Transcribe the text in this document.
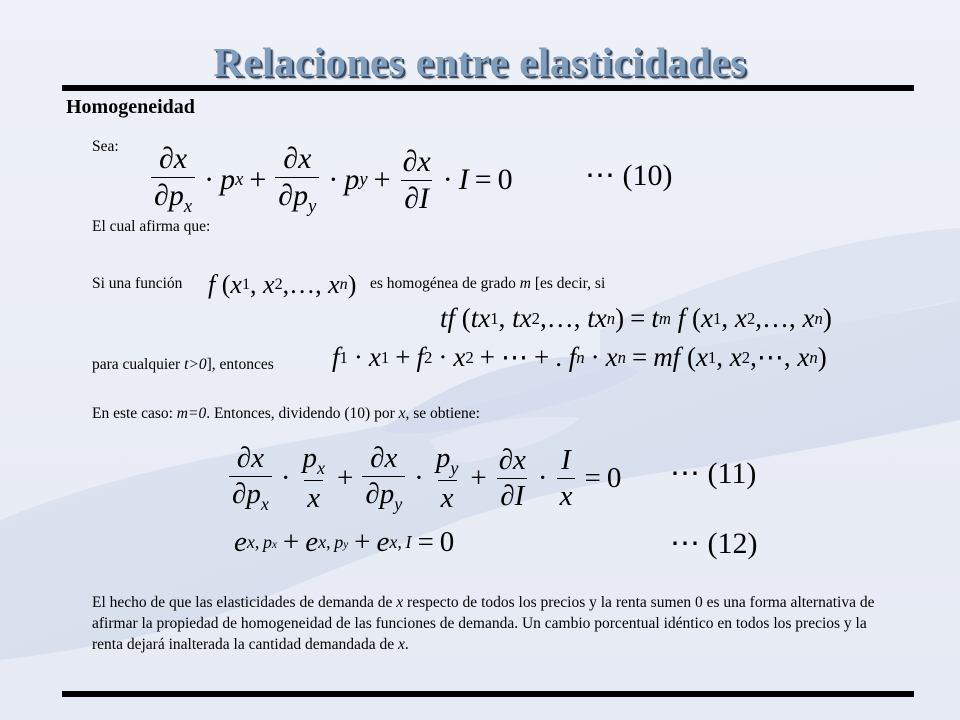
Relaciones entre elasticidades
Homogeneidad
Sea: $\frac{\partial x}{\partial p_x} \cdot p$ $x + \frac{\partial x}{\partial p_y} \cdot p$ $y + \frac{\partial x}{\partial I} \cdot I = 0$ ⋯ (10)
El cual afirma que:
Si una función f ( x 1 , x 2 ,…, x n ) es homogénea de grado m [es decir, si
tf ( tx 1 , tx 2 ,…, tx n ) = t m
f ( x 1 , x 2 ,…, x n )
para cualquier t>0], entonces f 1 · x 1 + f 2 · x 2 + ⋯ + . f n · x n = mf ( x 1 , x 2 ,⋯, x n )
En este caso: m=0. Entonces, dividendo (10) por x, se obtiene:
$\frac{\partial x}{\partial p_x} \cdot \frac{p_x}{x} + \frac{\partial x}{\partial p_y} \cdot \frac{p_y}{x} + \frac{\partial x}{\partial I} \cdot \frac{I}{x} = 0$ ⋯ (11)
e x, px + e x, py + e x, I = 0	⋯ (12)
El hecho de que las elasticidades de demanda de x respecto de todos los precios y la renta sumen 0 es una forma alternativa de afirmar la propiedad de homogeneidad de las funciones de demanda. Un cambio porcentual idéntico en todos los precios y la renta dejará inalterada la cantidad demandada de x.
